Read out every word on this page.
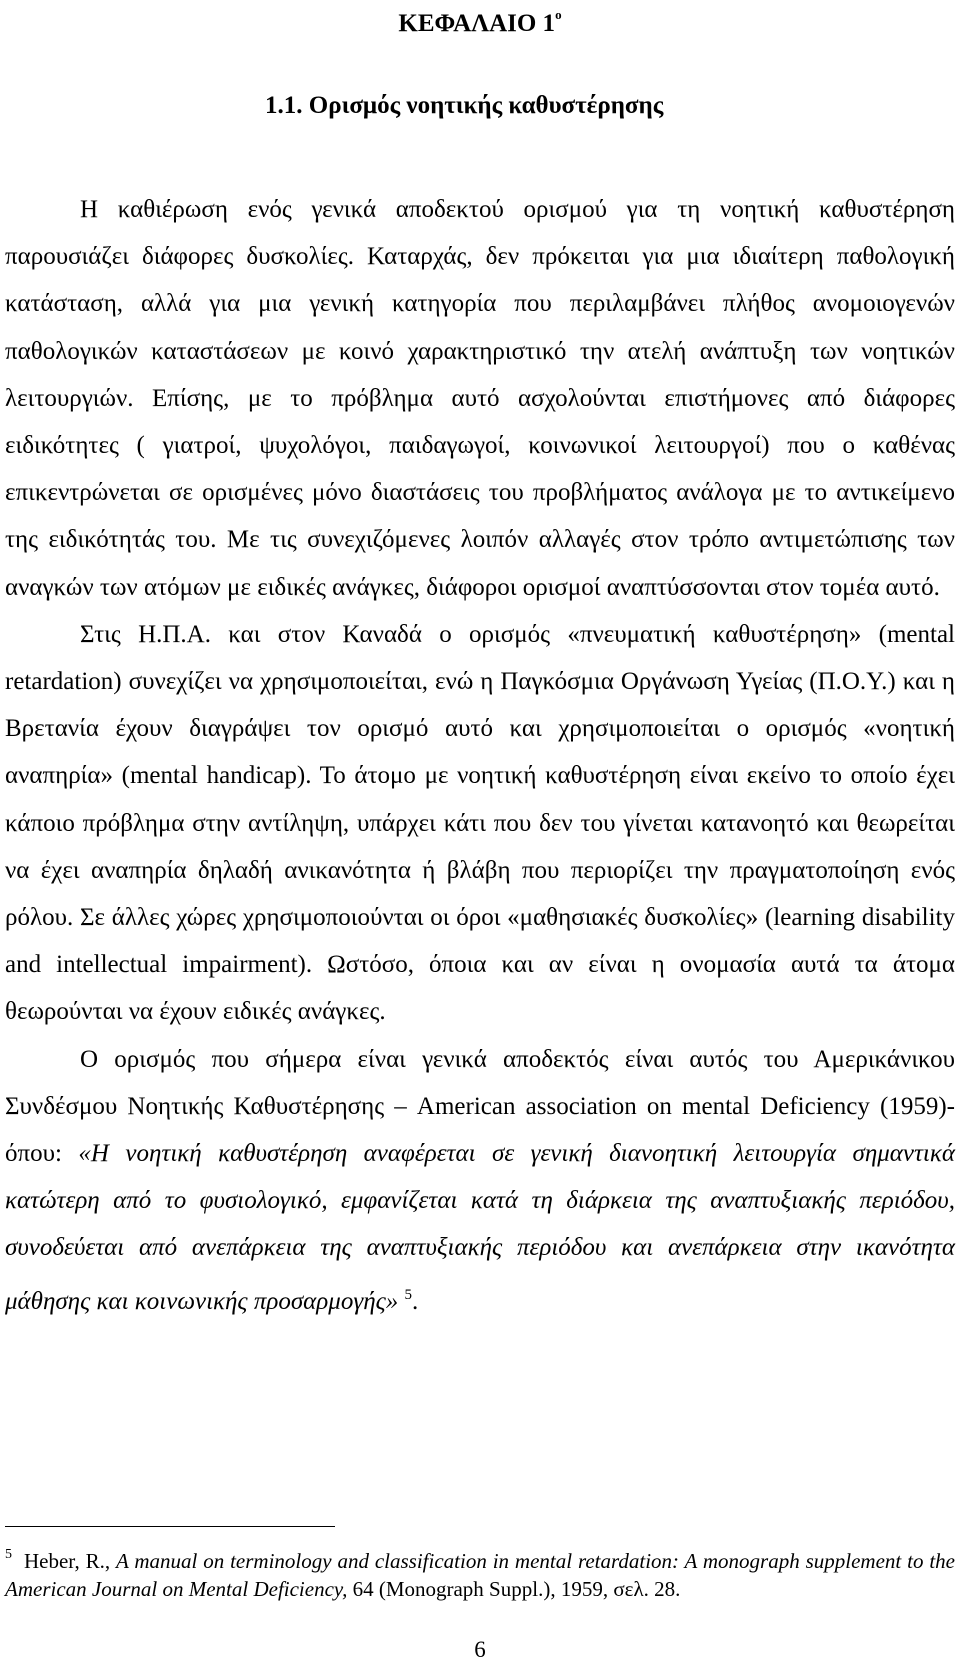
ΚΕΦΑΛΑΙΟ $1^o$
1.1. Ορισμός νοητικής καθυστέρησης

Η καθιέρωση ενός γενικά αποδεκτού ορισμού για τη νοητική καθυστέρηση παρουσιάζει διάφορες δυσκολίες. Καταρχάς, δεν πρόκειται για μια ιδιαίτερη παθολογική κατάσταση, αλλά για μια γενική κατηγορία που περιλαμβάνει πλήθος ανομοιογενών παθολογικών καταστάσεων με κοινό χαρακτηριστικό την ατελή ανάπτυξη των νοητικών λειτουργιών. Επίσης, με το πρόβλημα αυτό ασχολούνται επιστήμονες από διάφορες ειδικότητες ( γιατροί, ψυχολόγοι, παιδαγωγοί, κοινωνικοί λειτουργοί) που ο καθένας επικεντρώνεται σε ορισμένες μόνο διαστάσεις του προβλήματος ανάλογα με το αντικείμενο της ειδικότητάς του. Με τις συνεχιζόμενες λοιπόν αλλαγές στον τρόπο αντιμετώπισης των αναγκών των ατόμων με ειδικές ανάγκες, διάφοροι ορισμοί αναπτύσσονται στον τομέα αυτό.

Στις Η.Π.Α. και στον Καναδά ο ορισμός «πνευματική καθυστέρηση» (mental retardation) συνεχίζει να χρησιμοποιείται, ενώ η Παγκόσμια Οργάνωση Υγείας (Π.Ο.Υ.) και η Βρετανία έχουν διαγράψει τον ορισμό αυτό και χρησιμοποιείται ο ορισμός «νοητική αναπηρία» (mental handicap). Το άτομο με νοητική καθυστέρηση είναι εκείνο το οποίο έχει κάποιο πρόβλημα στην αντίληψη, υπάρχει κάτι που δεν του γίνεται κατανοητό και θεωρείται να έχει αναπηρία δηλαδή ανικανότητα ή βλάβη που περιορίζει την πραγματοποίηση ενός ρόλου. Σε άλλες χώρες χρησιμοποιούνται οι όροι «μαθησιακές δυσκολίες» (learning disability and intellectual impairment). Ωστόσο, όποια και αν είναι η ονομασία αυτά τα άτομα θεωρούνται να έχουν ειδικές ανάγκες.

Ο ορισμός που σήμερα είναι γενικά αποδεκτός είναι αυτός του Αμερικάνικου Συνδέσμου Νοητικής Καθυστέρησης – American association on mental Deficiency (1959)- όπου: «Η νοητική καθυστέρηση αναφέρεται σε γενική διανοητική λειτουργία σημαντικά κατώτερη από το φυσιολογικό, εμφανίζεται κατά τη διάρκεια της αναπτυξιακής περιόδου, συνοδεύεται από ανεπάρκεια της αναπτυξιακής περιόδου και ανεπάρκεια στην ικανότητα μάθησης και κοινωνικής προσαρμογής» $^5$.

$^5$ Heber, R., A manual on terminology and classification in mental retardation: A monograph supplement to the American Journal on Mental Deficiency, 64 (Monograph Suppl.), 1959, σελ. 28.
6
